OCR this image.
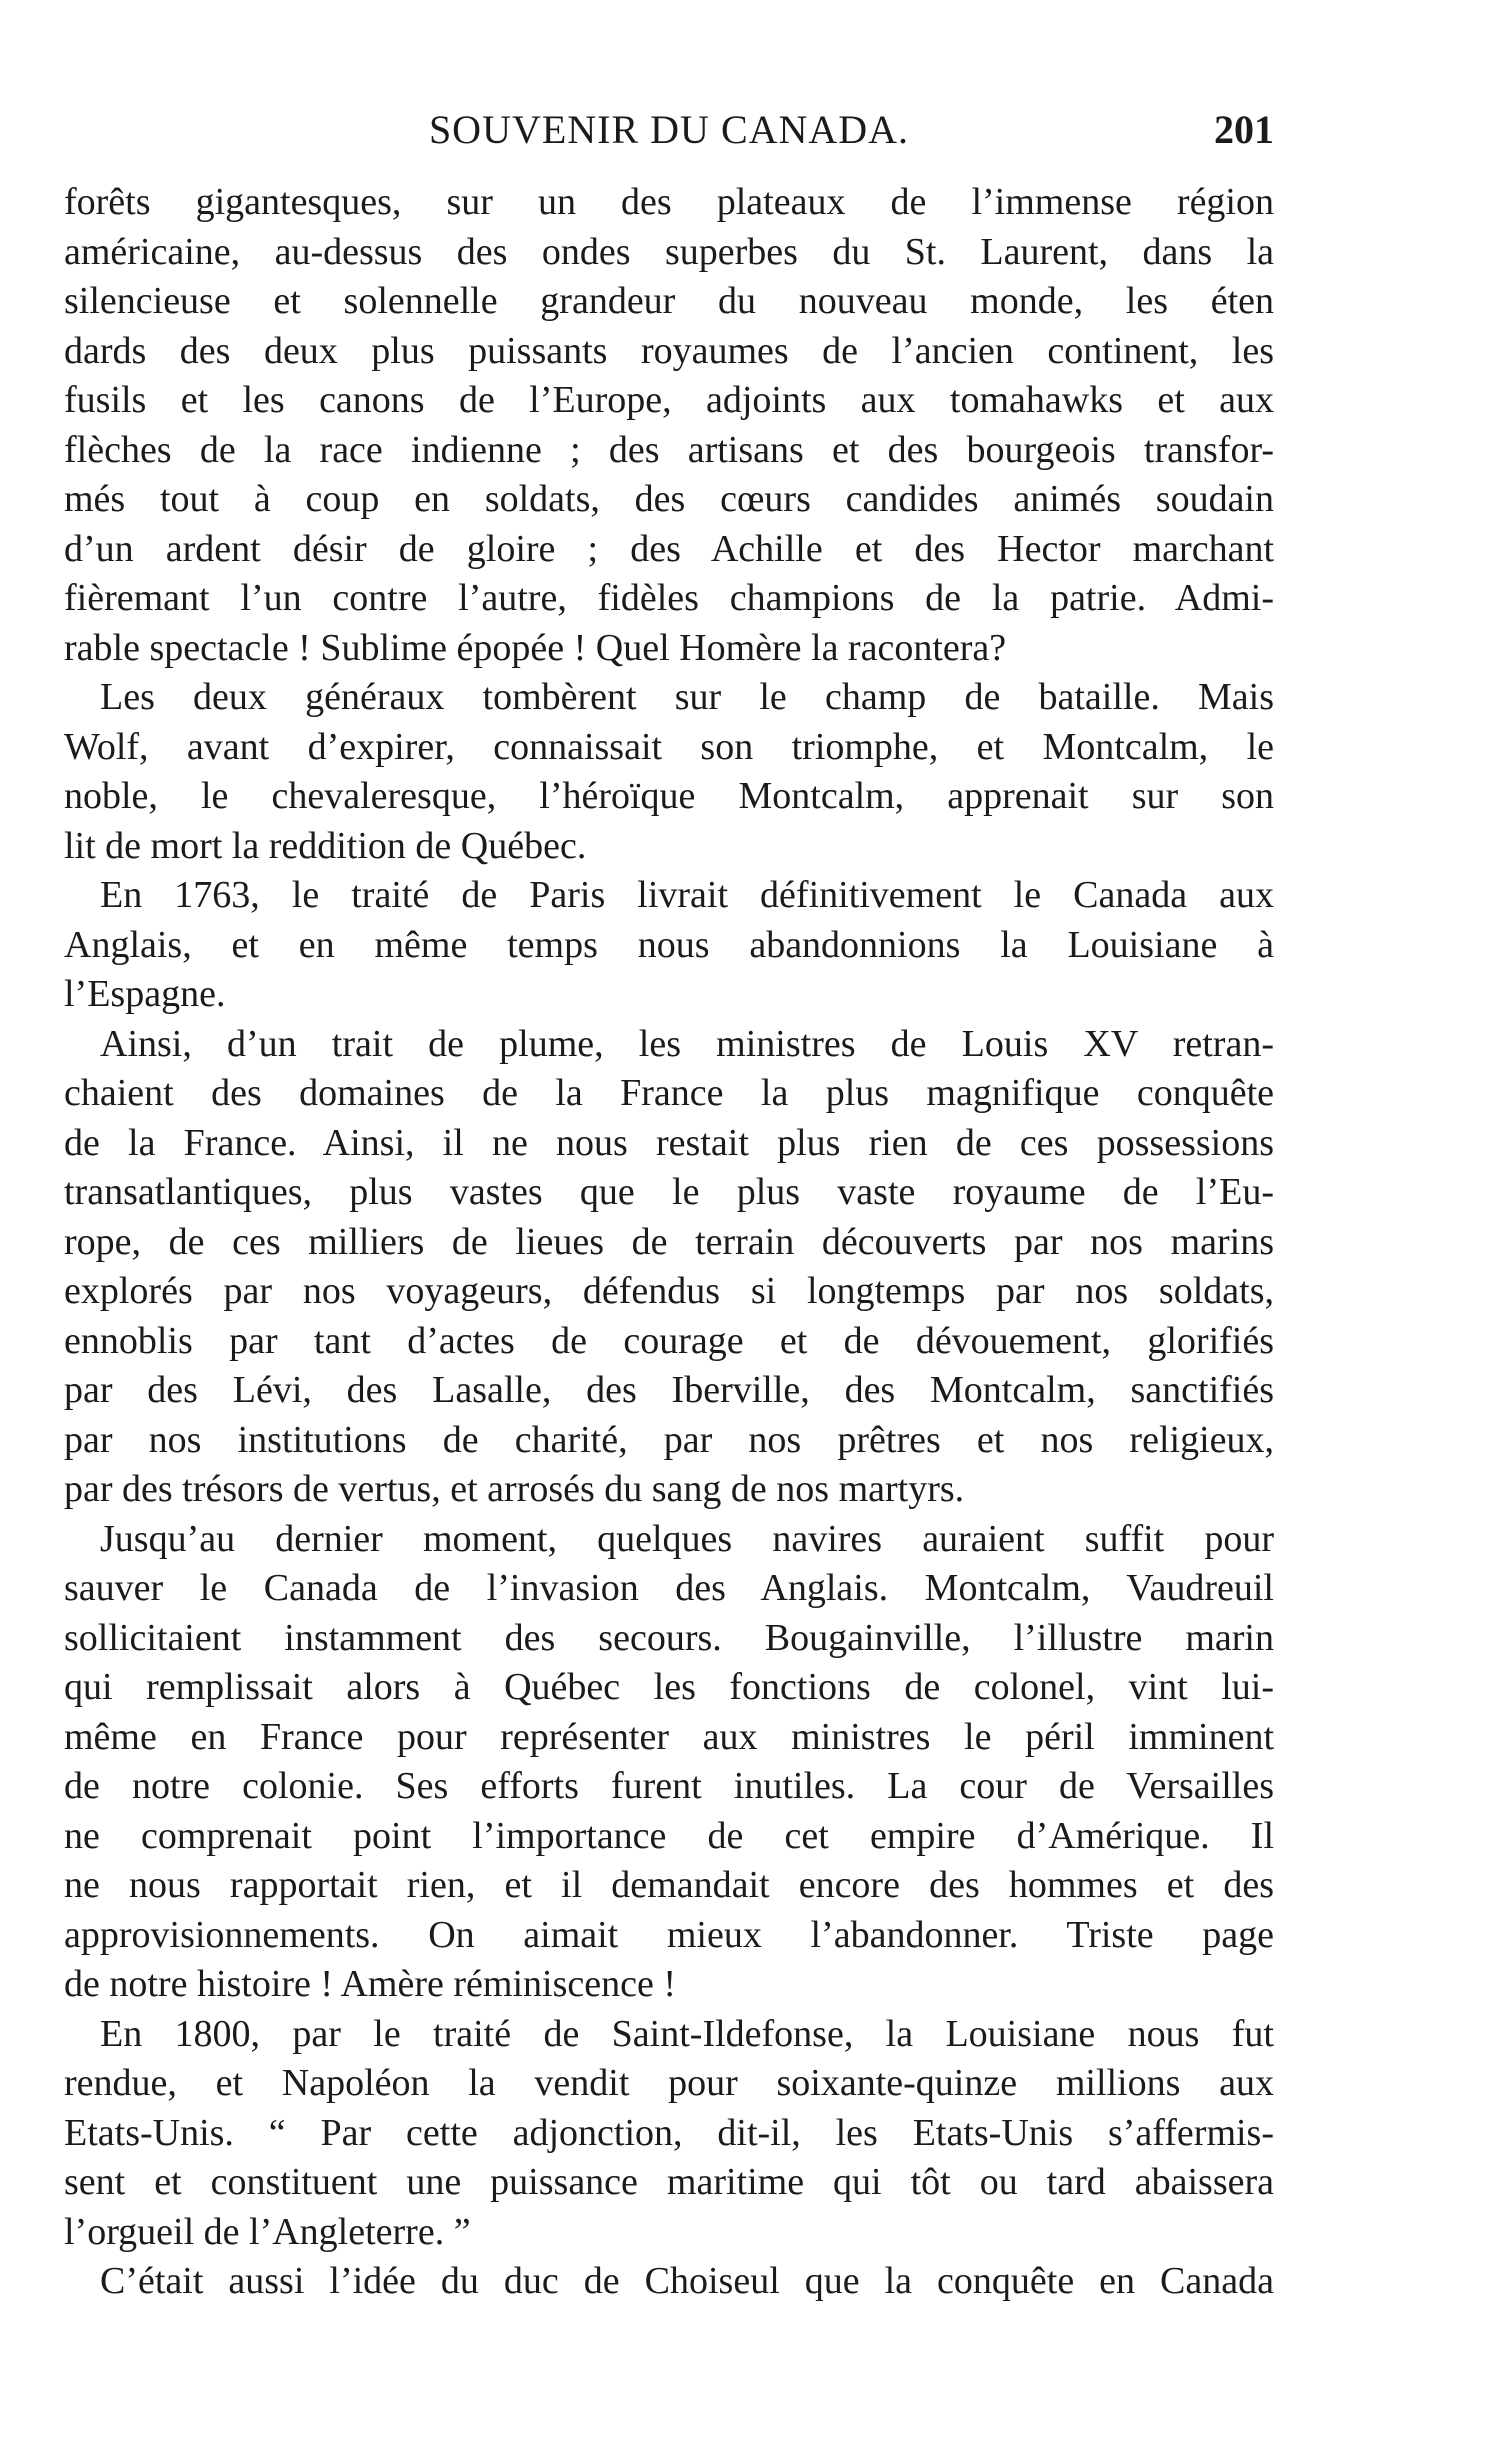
SOUVENIR DU CANADA.	201
forêts gigantesques, sur un des plateaux de l’immense région
américaine, au-dessus des ondes superbes du St. Laurent, dans la
silencieuse et solennelle grandeur du nouveau monde, les éten
dards des deux plus puissants royaumes de l’ancien continent, les
fusils et les canons de l’Europe, adjoints aux tomahawks et aux
flèches de la race indienne ; des artisans et des bourgeois transfor-
més tout à coup en soldats, des cœurs candides animés soudain
d’un ardent désir de gloire ; des Achille et des Hector marchant
fièremant l’un contre l’autre, fidèles champions de la patrie. Admi-
rable spectacle ! Sublime épopée ! Quel Homère la racontera?
Les deux généraux tombèrent sur le champ de bataille. Mais
Wolf, avant d’expirer, connaissait son triomphe, et Montcalm, le
noble, le chevaleresque, l’héroïque Montcalm, apprenait sur son
lit de mort la reddition de Québec.
En 1763, le traité de Paris livrait définitivement le Canada aux
Anglais, et en même temps nous abandonnions la Louisiane à
l’Espagne.
Ainsi, d’un trait de plume, les ministres de Louis XV retran-
chaient des domaines de la France la plus magnifique conquête
de la France. Ainsi, il ne nous restait plus rien de ces possessions
transatlantiques, plus vastes que le plus vaste royaume de l’Eu-
rope, de ces milliers de lieues de terrain découverts par nos marins
explorés par nos voyageurs, défendus si longtemps par nos soldats,
ennoblis par tant d’actes de courage et de dévouement, glorifiés
par des Lévi, des Lasalle, des Iberville, des Montcalm, sanctifiés
par nos institutions de charité, par nos prêtres et nos religieux,
par des trésors de vertus, et arrosés du sang de nos martyrs.
Jusqu’au dernier moment, quelques navires auraient suffit pour
sauver le Canada de l’invasion des Anglais. Montcalm, Vaudreuil
sollicitaient instamment des secours. Bougainville, l’illustre marin
qui remplissait alors à Québec les fonctions de colonel, vint lui-
même en France pour représenter aux ministres le péril imminent
de notre colonie. Ses efforts furent inutiles. La cour de Versailles
ne comprenait point l’importance de cet empire d’Amérique. Il
ne nous rapportait rien, et il demandait encore des hommes et des
approvisionnements. On aimait mieux l’abandonner. Triste page
de notre histoire ! Amère réminiscence !
En 1800, par le traité de Saint-Ildefonse, la Louisiane nous fut
rendue, et Napoléon la vendit pour soixante-quinze millions aux
Etats-Unis. “ Par cette adjonction, dit-il, les Etats-Unis s’affermis-
sent et constituent une puissance maritime qui tôt ou tard abaissera
l’orgueil de l’Angleterre. ”
C’était aussi l’idée du duc de Choiseul que la conquête en Canada
